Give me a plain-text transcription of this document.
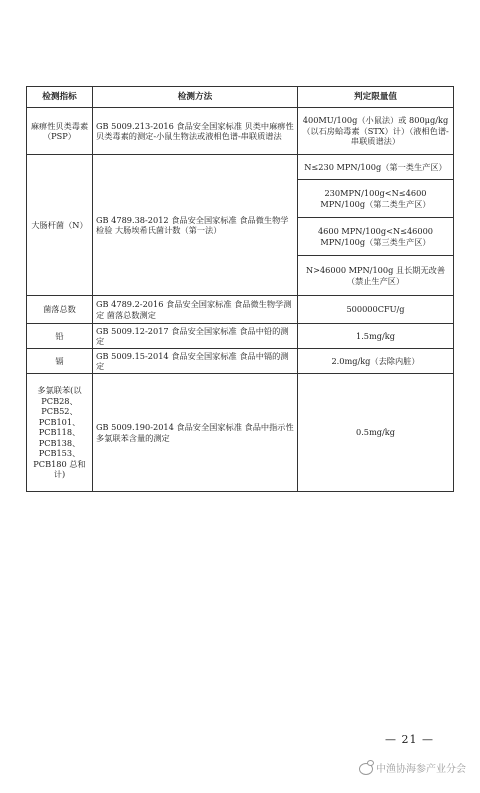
检测指标	检测方法	判定限量值
麻痹性贝类毒素（PSP）	GB 5009.213-2016 食品安全国家标准 贝类中麻痹性贝类毒素的测定-小鼠生物法或液相色谱-串联质谱法	400MU/100g（小鼠法）或 800μg/kg（以石房蛤毒素（STX）计）（液相色谱-串联质谱法）
大肠杆菌（N）	GB 4789.38-2012 食品安全国家标准 食品微生物学检验 大肠埃希氏菌计数（第一法）	N≤230 MPN/100g（第一类生产区）
		230MPN/100g<N≤4600 MPN/100g（第二类生产区）
		4600 MPN/100g<N≤46000 MPN/100g（第三类生产区）
		N>46000 MPN/100g 且长期无改善（禁止生产区）
菌落总数	GB 4789.2-2016 食品安全国家标准 食品微生物学测定 菌落总数测定	500000CFU/g
铅	GB 5009.12-2017 食品安全国家标准 食品中铅的测定	1.5mg/kg
镉	GB 5009.15-2014 食品安全国家标准 食品中镉的测定	2.0mg/kg（去除内脏）
多氯联苯(以 PCB28、PCB52、PCB101、PCB118、PCB138、PCB153、PCB180 总和计)	GB 5009.190-2014 食品安全国家标准 食品中指示性多氯联苯含量的测定	0.5mg/kg
— 21 —
中渔协海参产业分会
